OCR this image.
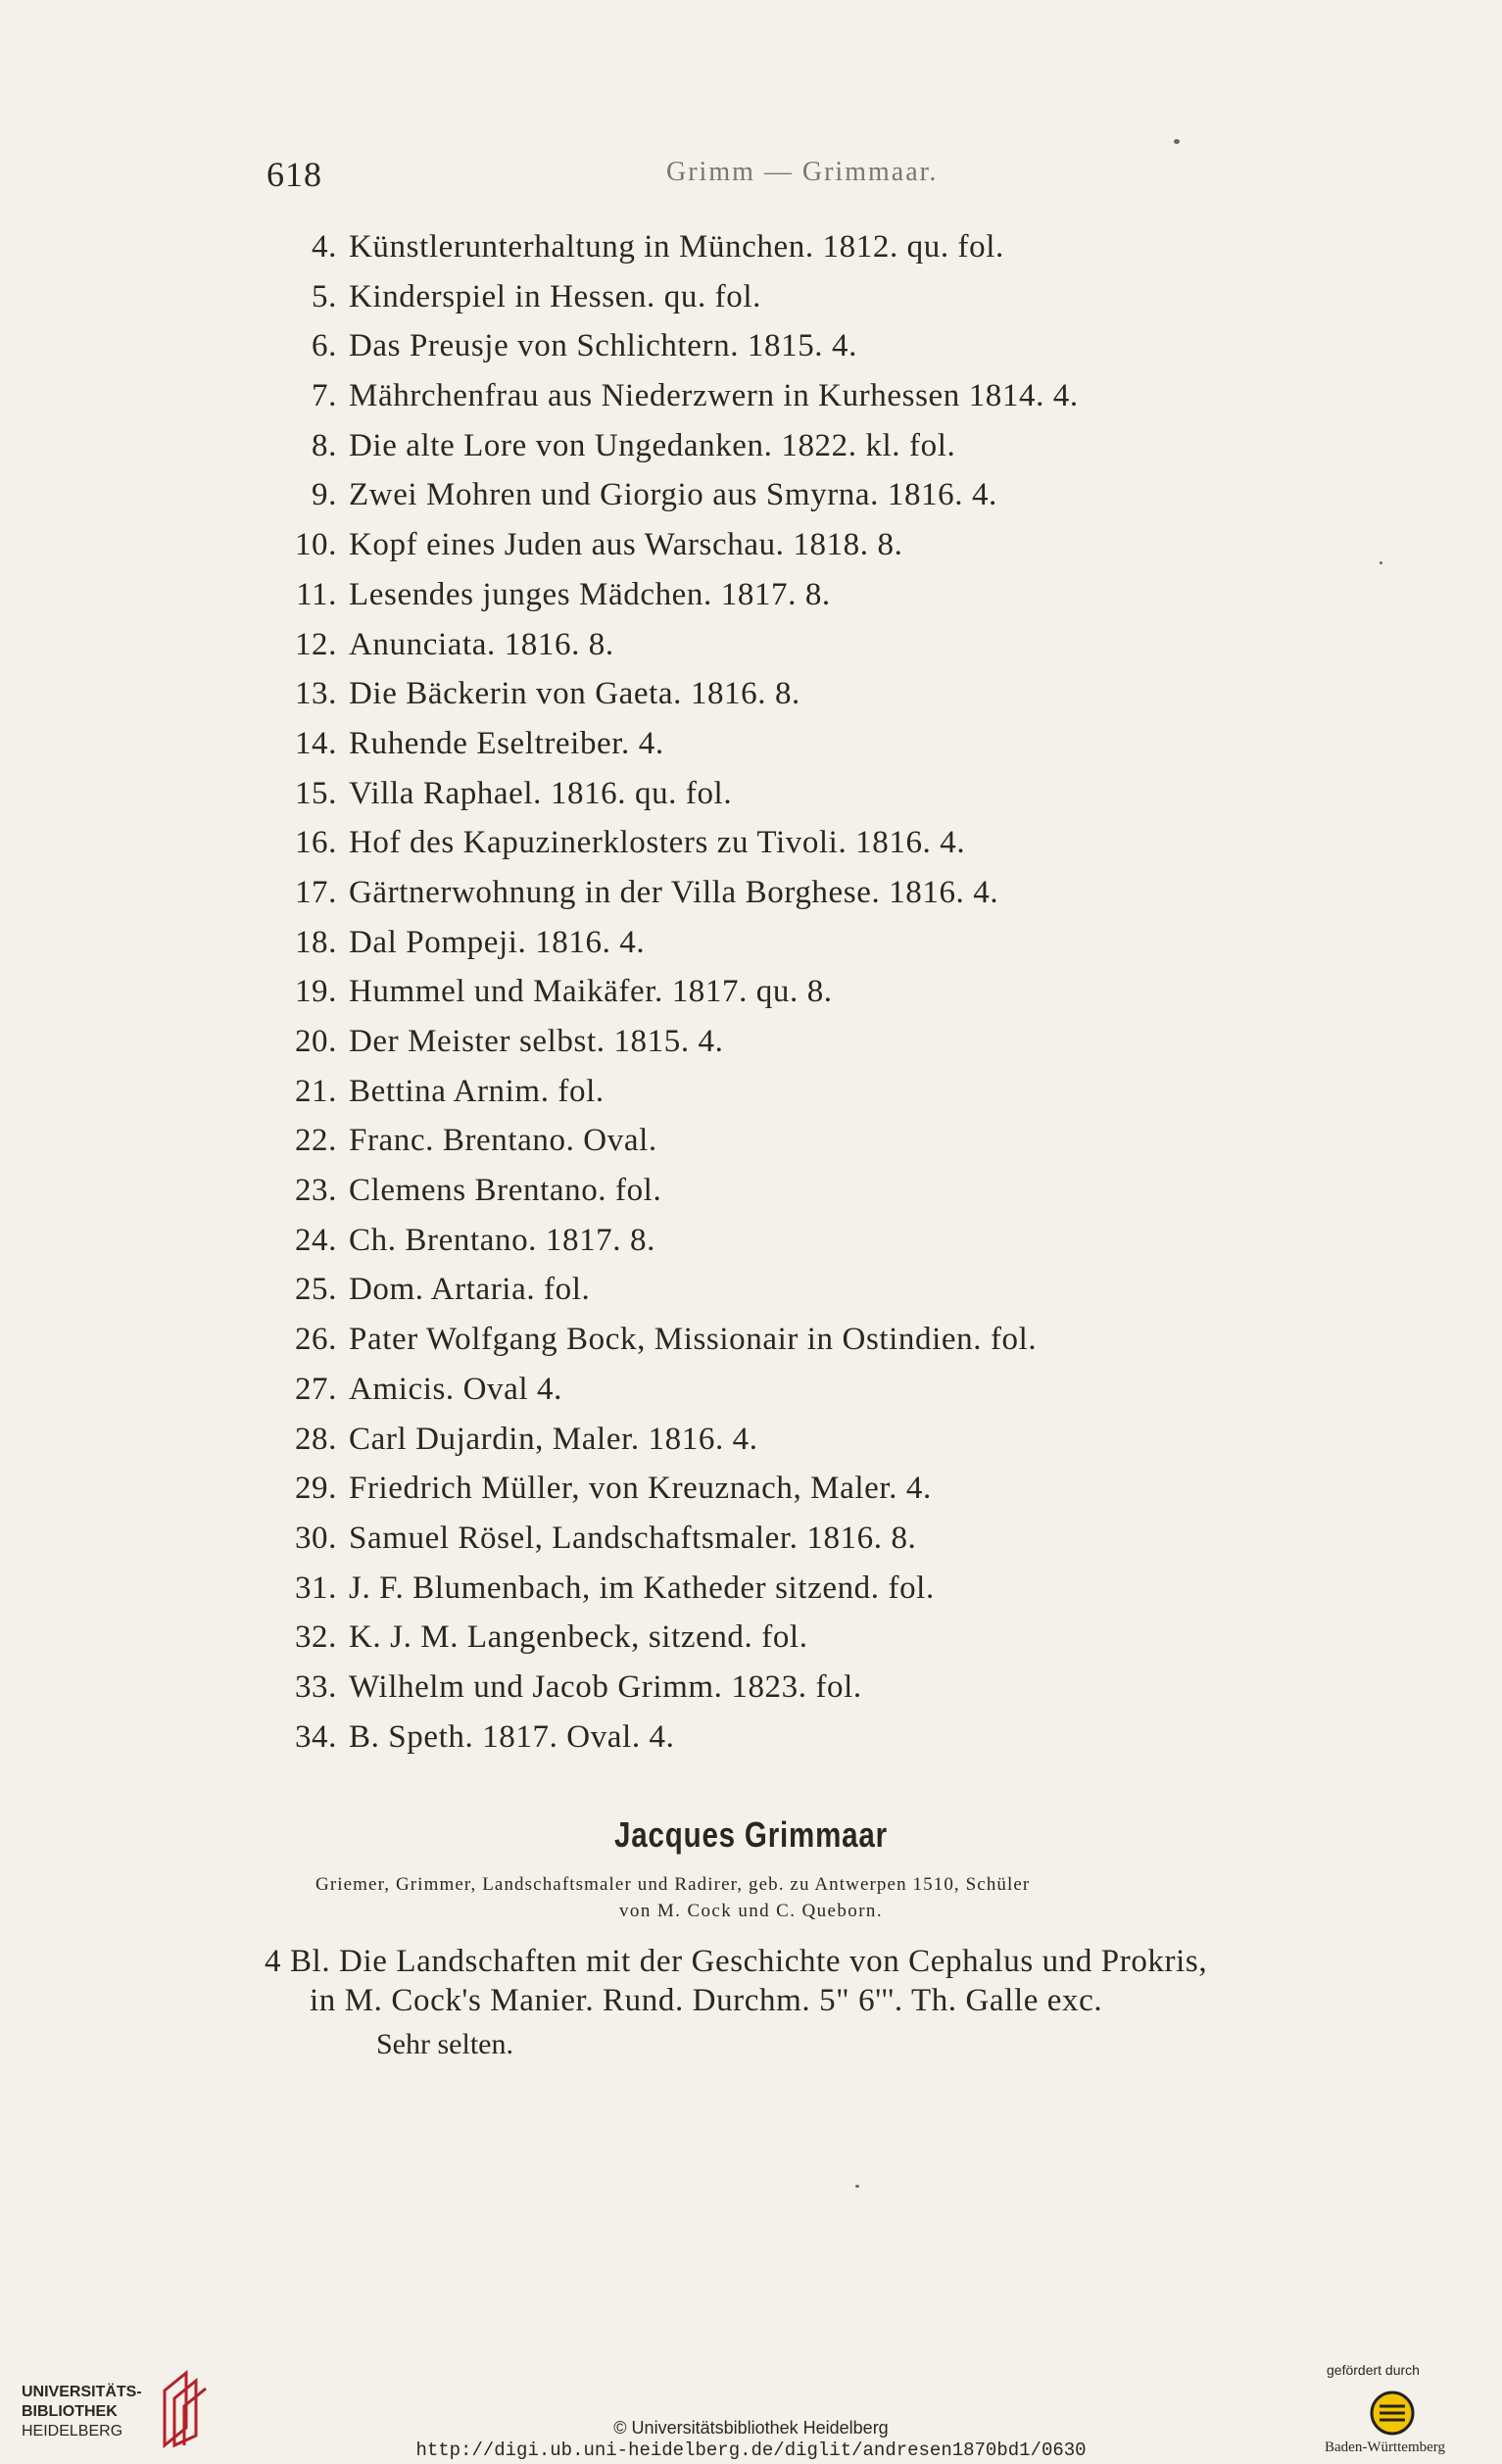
618	Grimm — Grimmaar.
4. Künstlerunterhaltung in München. 1812. qu. fol.
5. Kinderspiel in Hessen. qu. fol.
6. Das Preusje von Schlichtern. 1815. 4.
7. Mährchenfrau aus Niederzwern in Kurhessen 1814. 4.
8. Die alte Lore von Ungedanken. 1822. kl. fol.
9. Zwei Mohren und Giorgio aus Smyrna. 1816. 4.
10. Kopf eines Juden aus Warschau. 1818. 8.
11. Lesendes junges Mädchen. 1817. 8.
12. Anunciata. 1816. 8.
13. Die Bäckerin von Gaeta. 1816. 8.
14. Ruhende Eseltreiber. 4.
15. Villa Raphael. 1816. qu. fol.
16. Hof des Kapuzinerklosters zu Tivoli. 1816. 4.
17. Gärtnerwohnung in der Villa Borghese. 1816. 4.
18. Dal Pompeji. 1816. 4.
19. Hummel und Maikäfer. 1817. qu. 8.
20. Der Meister selbst. 1815. 4.
21. Bettina Arnim. fol.
22. Franc. Brentano. Oval.
23. Clemens Brentano. fol.
24. Ch. Brentano. 1817. 8.
25. Dom. Artaria. fol.
26. Pater Wolfgang Bock, Missionair in Ostindien. fol.
27. Amicis. Oval 4.
28. Carl Dujardin, Maler. 1816. 4.
29. Friedrich Müller, von Kreuznach, Maler. 4.
30. Samuel Rösel, Landschaftsmaler. 1816. 8.
31. J. F. Blumenbach, im Katheder sitzend. fol.
32. K. J. M. Langenbeck, sitzend. fol.
33. Wilhelm und Jacob Grimm. 1823. fol.
34. B. Speth. 1817. Oval. 4.
Jacques Grimmaar
Griemer, Grimmer, Landschaftsmaler und Radirer, geb. zu Antwerpen 1510, Schüler
von M. Cock und C. Queborn.
4 Bl. Die Landschaften mit der Geschichte von Cephalus und Prokris,
in M. Cock's Manier. Rund. Durchm. 5" 6'''. Th. Galle exc.
Sehr selten.
UNIVERSITÄTS-
BIBLIOTHEK
HEIDELBERG	© Universitätsbibliothek Heidelberg
http://digi.ub.uni-heidelberg.de/diglit/andresen1870bd1/0630
gefördert durch
Baden-Württemberg
